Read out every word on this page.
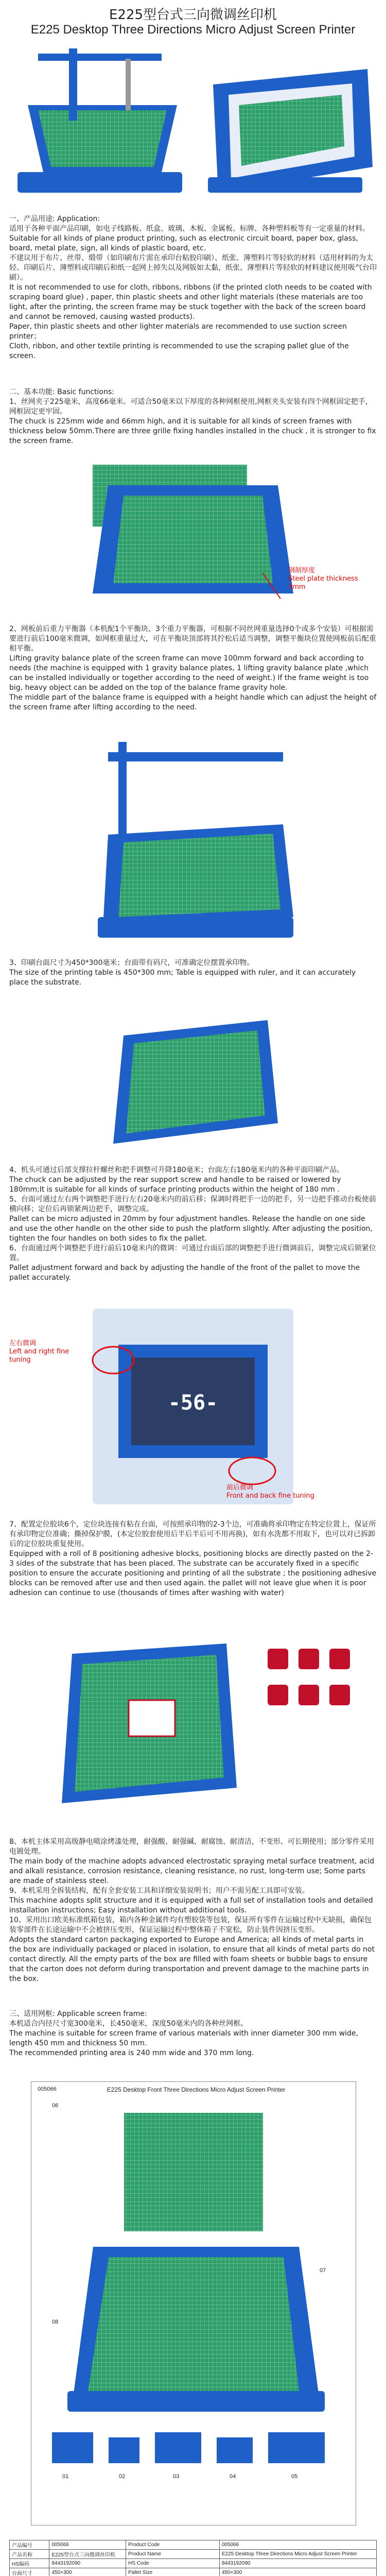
E225型台式三向微调丝印机
E225 Desktop Three Directions Micro Adjust Screen Printer

一、产品用途: Application:

适用于各种平面产品印刷，如电子线路板、纸盒、玻璃、木板、金属板、标牌、各种塑料板等有一定重量的材料。

Suitable for all kinds of plane product printing, such as electronic circuit board, paper box, glass, board, metal plate, sign, all kinds of plastic board, etc.

不建议用于布片、丝带、缎带（如印刷布片需在承印台粘胶印刷）、纸张、薄塑料片等轻软的材料（适用材料的为太轻、印刷后片、薄塑料或印刷后和纸一起网上掉失以及网版如太黏，纸张、薄塑料片等轻软的材料建议使用吸气台印刷）。

It is not recommended to use for cloth, ribbons, ribbons (if the printed cloth needs to be coated with scraping board glue) , paper, thin plastic sheets and other light materials (these materials are too light, after the printing, the screen frame may be stuck together with the back of the screen board and cannot be removed, causing wasted products).

Paper, thin plastic sheets and other lighter materials are recommended to use suction screen printer；

Cloth, ribbon, and other textile printing is recommended to use the scraping pallet glue of the screen.

二、基本功能: Basic functions:

1、丝网夹子225毫米，高度66毫米。可适合50毫米以下厚度的各种网框使用,网框夹头安装有四个网框固定把手，网框固定更牢固。

The chuck is 225mm wide and 66mm high, and it is suitable for all kinds of screen frames with thickness below 50mm.There are three grille fixing handles installed in the chuck , it is stronger to fix the screen frame.

钢制厚度
Steel plate thickness
3mm

2、网板前后重力平衡器（本机配1个平衡块、3个重力平衡器，可根据不同丝网重量选择0个或多个安装）可根据需要进行前后100毫米微调，如网框重量过大，可在平衡块顶部将其拧松后适当调整，调整平衡块位置使网板前后配重相平衡。

Lifting gravity balance plate of the screen frame can move 100mm forward and back according to needs (the machine is equipped with 1 gravity balance plates, 1 lifting gravity balance plate ,which can be installed individually or together according to the need of weight.) If the frame weight is too big, heavy object can be added on the top of the balance frame gravity hole.

The middle part of the balance frame is equipped with a height handle which can adjust the height of the screen frame after lifting according to the need.

3、印刷台面尺寸为450*300毫米；台面带有码尺，可准确定位摆置承印物。

The size of the printing table is 450*300 mm; Table is equipped with ruler, and it can accurately place the substrate.

4、机头可通过后部支撑拉杆螺丝和把手调整可升降180毫米；台面左右180毫米内的各种平面印刷产品。

The chuck can be adjusted by the rear support screw and handle to be raised or lowered by 180mm;It is suitable for all kinds of surface printing products within the height of 180 mm .

5、台面可通过左右两个调整把手进行左右20毫米内的前后移；保调时将把手一边的把手，另一边把手推动台板使前横向移；定位后再锁紧两边把手，调整完成。

Pallet can be micro adjusted in 20mm by four adjustment handles. Release the handle on one side and use the other handle on the other side to push the platform slightly. After adjusting the position, tighten the four handles on both sides to fix the pallet.

6、台面通过两个调整把手进行前后10毫米内的微调：可通过台面后部的调整把手进行微调前后，调整完成后锁紧位置。

Pallet adjustment forward and back by adjusting the handle of the front of the pallet to move the pallet accurately.

-56-
左右微调
Left and right fine tuning
前后微调
Front and back fine tuning

7、配置定位胶块6个，定位块连接有粘在台面，可按照承印物的2-3个边，可准确将承印物定在特定位置上，保证所有承印物定位准确；撕掉保护膜，(本定位胶套使用后半后半后可不用再换)，如有水洗都不用取下，也可以对已拆卸后的定位胶块重复使用。

Equipped with a roll of 8 positioning adhesive blocks, positioning blocks are directly pasted on the 2-3 sides of the substrate that has been placed. The substrate can be accurately fixed in a specific position to ensure the accurate positioning and printing of all the substrate ; the positioning adhesive blocks can be removed after use and then used again. the pallet will not leave glue when it is poor adhesion can continue to use (thousands of times after washing with water)

8、本机主体采用高级静电喷涂烤漆处理，耐强酸、耐强碱、耐腐蚀、耐清洁，不变形、可长期使用；部分零件采用电镀处理。

The main body of the machine adopts advanced electrostatic spraying metal surface treatment, acid and alkali resistance, corrosion resistance, cleaning resistance, no rust, long-term use; Some parts are made of stainless steel.

9、本机采用全拆装结构，配有全套安装工具和详细安装说明书；用户不需另配工具即可安装。

This machine adopts split structure and it is equipped with a full set of installation tools and detailed installation instructions; Easy installation without additional tools.

10、采用出口欧美标准纸箱包装，箱内各种金属件均有塑胶袋等包装，保证所有零件在运输过程中无缺损，确保包装零部件在长途运输中不会被挤压变形，保证运输过程中整体箱子不宽松，防止装件因挤压变形。

Adopts the standard carton packaging exported to Europe and America; all kinds of metal parts in the box are individually packaged or placed in isolation, to ensure that all kinds of metal parts do not contact directly. All the empty parts of the box are filled with foam sheets or bubble bags to ensure that the carton does not deform during transportation and prevent damage to the machine parts in the box.

三、适用网框: Applicable screen frame:

本机适合内径尺寸宽300毫米，长450毫米，深度50毫米内的各种丝网框。

The machine is suitable for screen frame of various materials with inner diameter 300 mm wide, length 450 mm and thickness 50 mm.

The recommended printing area is 240 mm wide and 370 mm long.

005066	E225 Desktop Front Three Directions Micro Adjust Screen Printer
01	02	03	04	05
06
07
08
产品编号	005066	Product Code	005066
产品名称	E225型台式三向微调丝印机	Product Name	E225 Desktop Three Directions Micro Adjust Screen Printer
HS编码	8443192090	HS Code	8443192090
台面尺寸	450×300	Pallet Size	450×300
